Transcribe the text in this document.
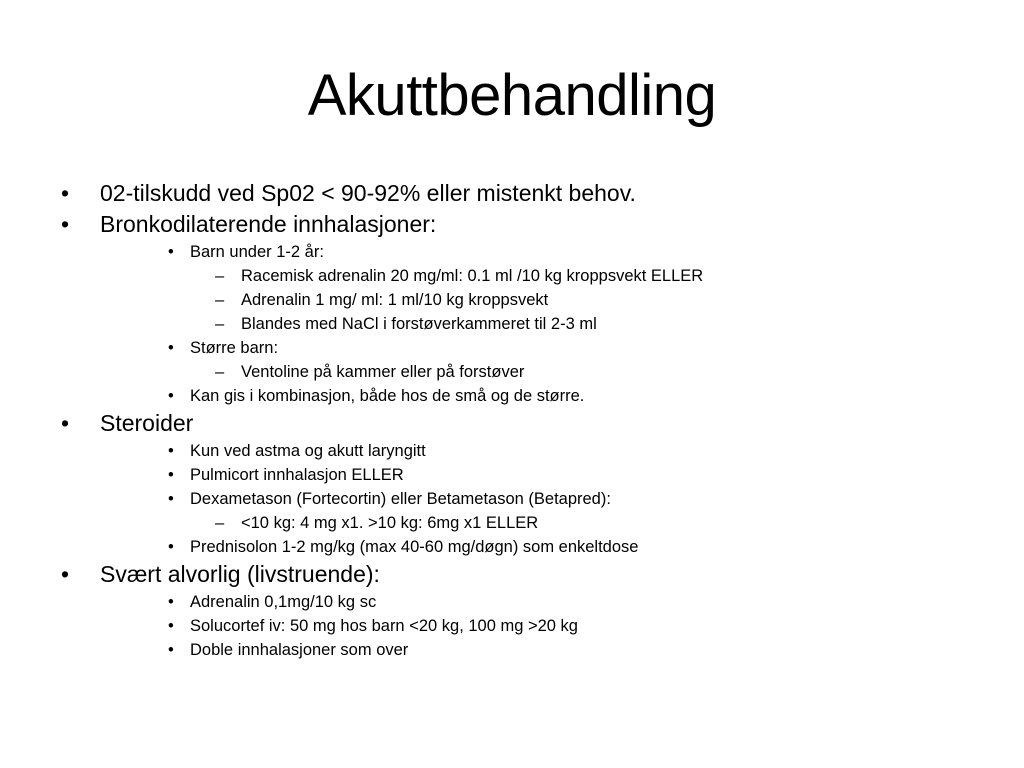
Akuttbehandling
• 02-tilskudd ved Sp02 < 90-92% eller mistenkt behov.
• Bronkodilaterende innhalasjoner:
• Barn under 1-2 år:
– Racemisk adrenalin 20 mg/ml: 0.1 ml /10 kg kroppsvekt ELLER
– Adrenalin 1 mg/ ml: 1 ml/10 kg kroppsvekt
– Blandes med NaCl i forstøverkammeret til 2-3 ml
• Større barn:
– Ventoline på kammer eller på forstøver
• Kan gis i kombinasjon, både hos de små og de større.
• Steroider
• Kun ved astma og akutt laryngitt
• Pulmicort innhalasjon ELLER
• Dexametason (Fortecortin) eller Betametason (Betapred):
– <10 kg: 4 mg x1. >10 kg: 6mg x1 ELLER
• Prednisolon 1-2 mg/kg (max 40-60 mg/døgn) som enkeltdose
• Svært alvorlig (livstruende):
• Adrenalin 0,1mg/10 kg sc
• Solucortef iv: 50 mg hos barn <20 kg, 100 mg >20 kg
• Doble innhalasjoner som over
